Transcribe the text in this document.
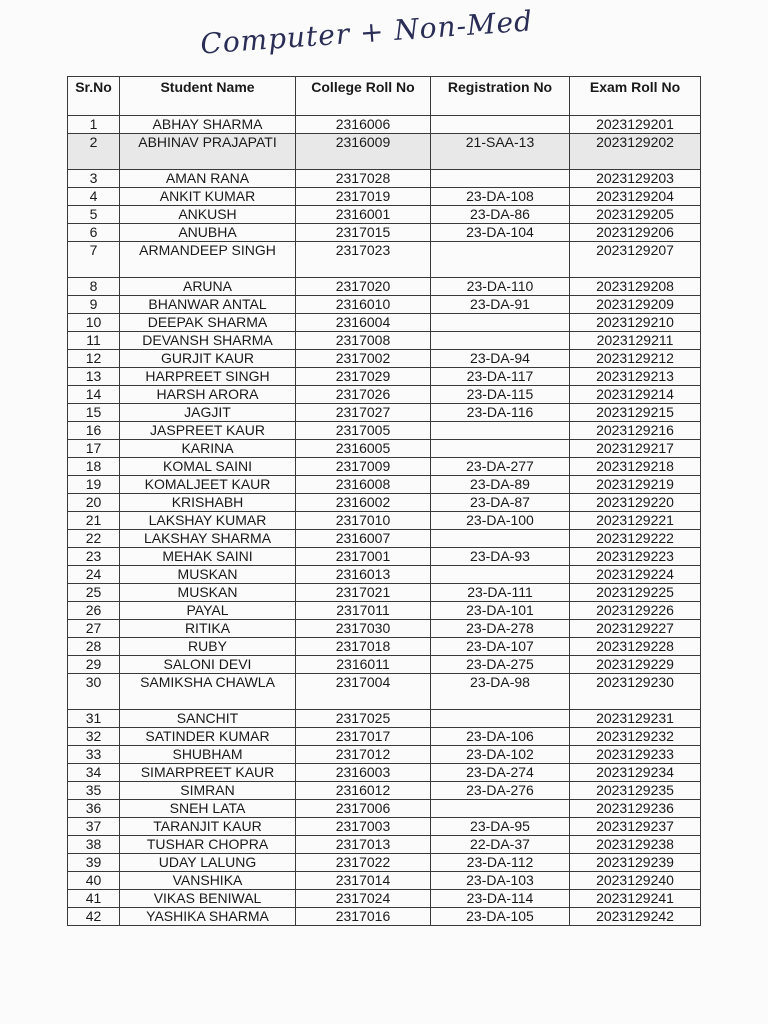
Computer + Non-Med
Sr.No	Student Name	College Roll No	Registration No	Exam Roll No
1	ABHAY SHARMA	2316006		2023129201
2	ABHINAV PRAJAPATI	2316009	21-SAA-13	2023129202
3	AMAN RANA	2317028		2023129203
4	ANKIT KUMAR	2317019	23-DA-108	2023129204
5	ANKUSH	2316001	23-DA-86	2023129205
6	ANUBHA	2317015	23-DA-104	2023129206
7	ARMANDEEP SINGH	2317023		2023129207
8	ARUNA	2317020	23-DA-110	2023129208
9	BHANWAR ANTAL	2316010	23-DA-91	2023129209
10	DEEPAK SHARMA	2316004		2023129210
11	DEVANSH SHARMA	2317008		2023129211
12	GURJIT KAUR	2317002	23-DA-94	2023129212
13	HARPREET SINGH	2317029	23-DA-117	2023129213
14	HARSH ARORA	2317026	23-DA-115	2023129214
15	JAGJIT	2317027	23-DA-116	2023129215
16	JASPREET KAUR	2317005		2023129216
17	KARINA	2316005		2023129217
18	KOMAL SAINI	2317009	23-DA-277	2023129218
19	KOMALJEET KAUR	2316008	23-DA-89	2023129219
20	KRISHABH	2316002	23-DA-87	2023129220
21	LAKSHAY KUMAR	2317010	23-DA-100	2023129221
22	LAKSHAY SHARMA	2316007		2023129222
23	MEHAK SAINI	2317001	23-DA-93	2023129223
24	MUSKAN	2316013		2023129224
25	MUSKAN	2317021	23-DA-111	2023129225
26	PAYAL	2317011	23-DA-101	2023129226
27	RITIKA	2317030	23-DA-278	2023129227
28	RUBY	2317018	23-DA-107	2023129228
29	SALONI DEVI	2316011	23-DA-275	2023129229
30	SAMIKSHA CHAWLA	2317004	23-DA-98	2023129230
31	SANCHIT	2317025		2023129231
32	SATINDER KUMAR	2317017	23-DA-106	2023129232
33	SHUBHAM	2317012	23-DA-102	2023129233
34	SIMARPREET KAUR	2316003	23-DA-274	2023129234
35	SIMRAN	2316012	23-DA-276	2023129235
36	SNEH LATA	2317006		2023129236
37	TARANJIT KAUR	2317003	23-DA-95	2023129237
38	TUSHAR CHOPRA	2317013	22-DA-37	2023129238
39	UDAY LALUNG	2317022	23-DA-112	2023129239
40	VANSHIKA	2317014	23-DA-103	2023129240
41	VIKAS BENIWAL	2317024	23-DA-114	2023129241
42	YASHIKA SHARMA	2317016	23-DA-105	2023129242
